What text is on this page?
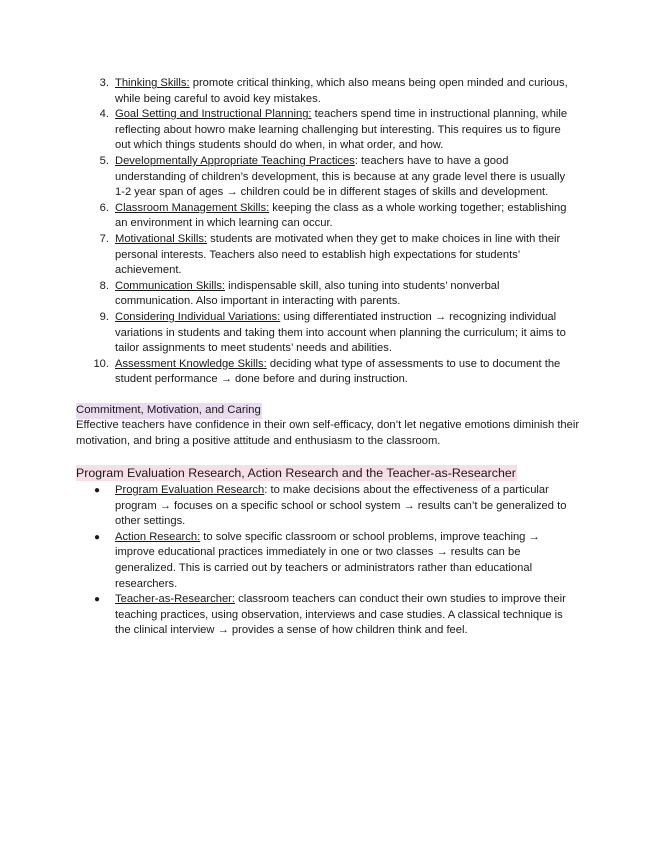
3. Thinking Skills: promote critical thinking, which also means being open minded and curious, while being careful to avoid key mistakes.
4. Goal Setting and Instructional Planning: teachers spend time in instructional planning, while reflecting about howro make learning challenging but interesting. This requires us to figure out which things students should do when, in what order, and how.
5. Developmentally Appropriate Teaching Practices: teachers have to have a good understanding of children’s development, this is because at any grade level there is usually 1-2 year span of ages → children could be in different stages of skills and development.
6. Classroom Management Skills: keeping the class as a whole working together; establishing an environment in which learning can occur.
7. Motivational Skills: students are motivated when they get to make choices in line with their personal interests. Teachers also need to establish high expectations for students’ achievement.
8. Communication Skills: indispensable skill, also tuning into students’ nonverbal communication. Also important in interacting with parents.
9. Considering Individual Variations: using differentiated instruction → recognizing individual variations in students and taking them into account when planning the curriculum; it aims to tailor assignments to meet students’ needs and abilities.
10. Assessment Knowledge Skills: deciding what type of assessments to use to document the student performance → done before and during instruction.
Commitment, Motivation, and Caring

Effective teachers have confidence in their own self-efficacy, don’t let negative emotions diminish their motivation, and bring a positive attitude and enthusiasm to the classroom.

Program Evaluation Research, Action Research and the Teacher-as-Researcher
● Program Evaluation Research: to make decisions about the effectiveness of a particular program → focuses on a specific school or school system → results can’t be generalized to other settings.
● Action Research: to solve specific classroom or school problems, improve teaching → improve educational practices immediately in one or two classes → results can be generalized. This is carried out by teachers or administrators rather than educational researchers.
● Teacher-as-Researcher: classroom teachers can conduct their own studies to improve their teaching practices, using observation, interviews and case studies. A classical technique is the clinical interview → provides a sense of how children think and feel.
